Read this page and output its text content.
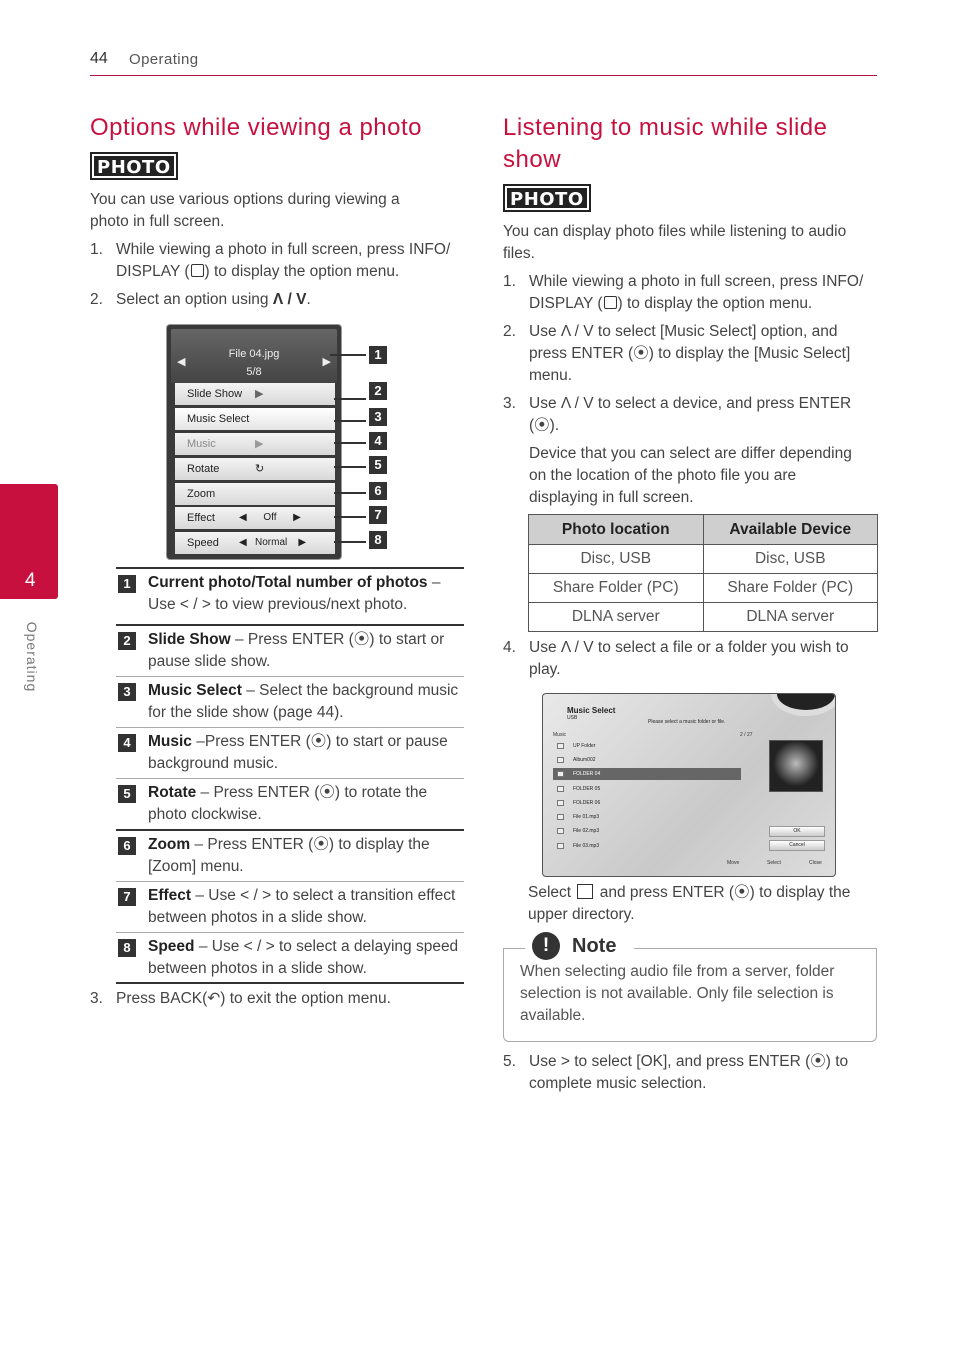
44 Operating
4
Operating
Options while viewing a photo
PHOTO
You can use various options during viewing a photo in full screen.
1. While viewing a photo in full screen, press INFO/
DISPLAY ( ) to display the option menu.
2. Select an option using Λ / V.
File 04.jpg
5/8
◀	▶
Slide Show ▶
Music Select
Music	▶
Rotate	↻
Zoom
Effect ◀      Off      ▶
Speed ◀   Normal    ▶
1
2
3
4
5
6
7
8
1	Current photo/Total number of photos – Use < / > to view previous/next photo.
2	Slide Show – Press ENTER (⦿) to start or pause slide show.
3	Music Select – Select the background music for the slide show (page 44).
4	Music –Press ENTER (⦿) to start or pause background music.
5	Rotate – Press ENTER (⦿) to rotate the photo clockwise.
6	Zoom – Press ENTER (⦿) to display the [Zoom] menu.
7	Effect – Use < / > to select a transition effect between photos in a slide show.
8	Speed – Use < / > to select a delaying speed between photos in a slide show.
3. Press BACK(↶) to exit the option menu.
Listening to music while slide
show
PHOTO
You can display photo files while listening to audio files.
1. While viewing a photo in full screen, press INFO/
DISPLAY ( ) to display the option menu.
2. Use Λ / V to select [Music Select] option, and
press ENTER (⦿) to display the [Music Select]
menu.
3. Use Λ / V to select a device, and press ENTER
(⦿).
Device that you can select are differ depending
on the location of the photo file you are
displaying in full screen.
Photo location	Available Device
Disc, USB	Disc, USB
Share Folder (PC)	Share Folder (PC)
DLNA server	DLNA server
4. Use Λ / V to select a file or a folder you wish to
play.
Music Select
USB
Please select a music folder or file.
Music	2 / 27
UP Folder
Album002
FOLDER 04
FOLDER 05
FOLDER 06
File 01.mp3
File 02.mp3
File 03.mp3
OK
Cancel
Move	Select	Close
Select and press ENTER (⦿) to display the
upper directory.
!	Note
When selecting audio file from a server, folder selection is not available. Only file selection is available.
5. Use > to select [OK], and press ENTER (⦿) to
complete music selection.
